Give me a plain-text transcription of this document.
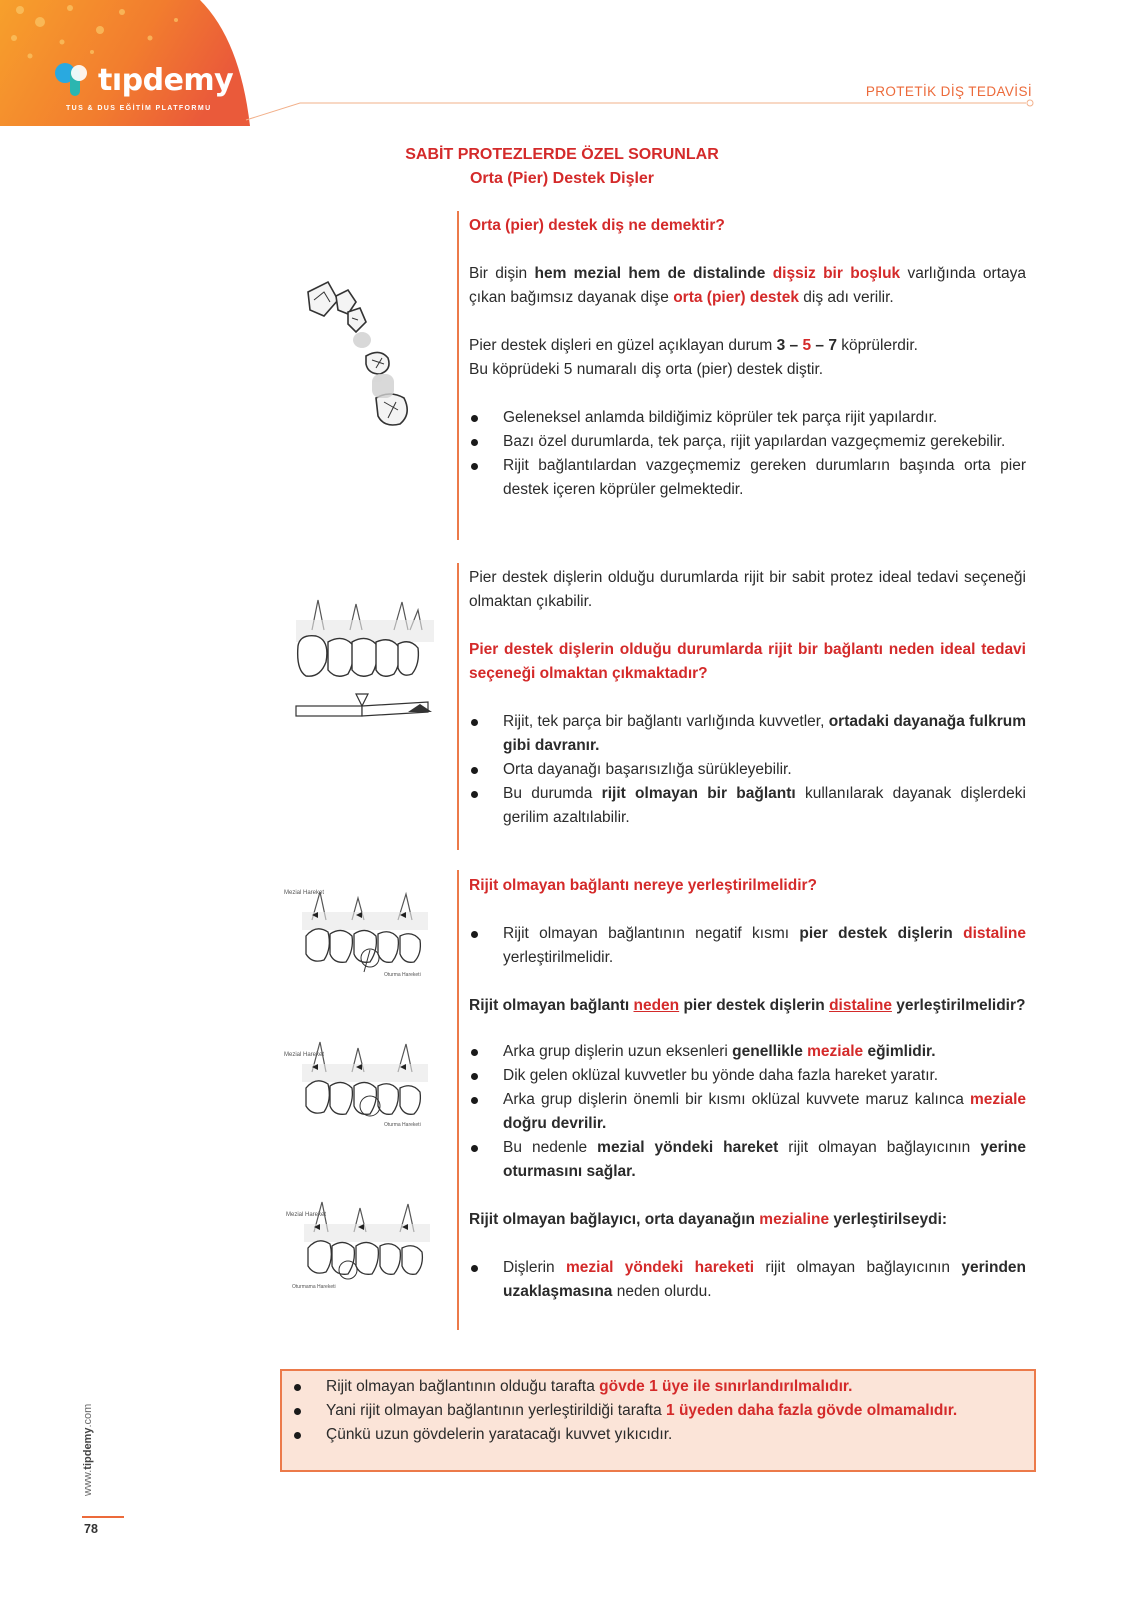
tıpdemy
TUS & DUS EĞİTİM PLATFORMU
PROTETİK DİŞ TEDAVİSİ
SABİT PROTEZLERDE ÖZEL SORUNLAR
Orta (Pier) Destek Dişler

Orta (pier) destek diş ne demektir?

Bir dişin hem mezial hem de distalinde dişsiz bir boşluk varlığında ortaya çıkan bağımsız dayanak dişe orta (pier) destek diş adı verilir.

Pier destek dişleri en güzel açıklayan durum 3 – 5 – 7 köprülerdir.

Bu köprüdeki 5 numaralı diş orta (pier) destek diştir.

Geleneksel anlamda bildiğimiz köprüler tek parça rijit yapılardır.
Bazı özel durumlarda, tek parça, rijit yapılardan vazgeçmemiz gerekebilir.
Rijit bağlantılardan vazgeçmemiz gereken durumların başında orta pier destek içeren köprüler gelmektedir.

Pier destek dişlerin olduğu durumlarda rijit bir sabit protez ideal tedavi seçeneği olmaktan çıkabilir.

Pier destek dişlerin olduğu durumlarda rijit bir bağlantı neden ideal tedavi seçeneği olmaktan çıkmaktadır?

Rijit, tek parça bir bağlantı varlığında kuvvetler, ortadaki dayanağa fulkrum gibi davranır.
Orta dayanağı başarısızlığa sürükleyebilir.
Bu durumda rijit olmayan bir bağlantı kullanılarak dayanak dişlerdeki gerilim azaltılabilir.

Rijit olmayan bağlantı nereye yerleştirilmelidir?

Rijit olmayan bağlantının negatif kısmı pier destek dişlerin distaline yerleştirilmelidir.

Rijit olmayan bağlantı neden pier destek dişlerin distaline yerleştirilmelidir?

Arka grup dişlerin uzun eksenleri genellikle meziale eğimlidir.
Dik gelen oklüzal kuvvetler bu yönde daha fazla hareket yaratır.
Arka grup dişlerin önemli bir kısmı oklüzal kuvvete maruz kalınca meziale doğru devrilir.
Bu nedenle mezial yöndeki hareket rijit olmayan bağlayıcının yerine oturmasını sağlar.

Rijit olmayan bağlayıcı, orta dayanağın mezialine yerleştirilseydi:

Dişlerin mezial yöndeki hareketi rijit olmayan bağlayıcının yerinden uzaklaşmasına neden olurdu.
Rijit olmayan bağlantının olduğu tarafta gövde 1 üye ile sınırlandırılmalıdır.
Yani rijit olmayan bağlantının yerleştirildiği tarafta 1 üyeden daha fazla gövde olmamalıdır.
Çünkü uzun gövdelerin yaratacağı kuvvet yıkıcıdır.
Mezial Hareket
Oturma Hareketi
Mezial Hareket
Oturma Hareketi
Mezial Hareket
Oturmama Hareketi
www.tipdemy.com
78
